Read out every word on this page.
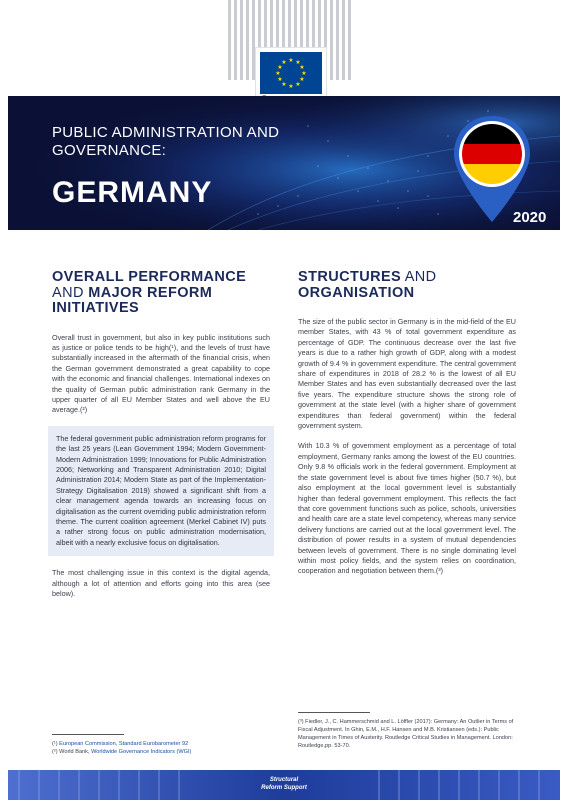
★ ★
★
★
★
★
★
★
★
★
★
★
PUBLIC ADMINISTRATION AND GOVERNANCE:
GERMANY
2020
OVERALL PERFORMANCE
AND MAJOR REFORM INITIATIVES

Overall trust in government, but also in key public institutions such as justice or police tends to be high(¹), and the levels of trust have substantially increased in the aftermath of the financial crisis, when the German government demonstrated a great capability to cope with the economic and financial challenges. International indexes on the quality of German public administration rank Germany in the upper quarter of all EU Member States and well above the EU average.(²)

The federal government public administration reform programs for the last 25 years (Lean Government 1994; Modern Government-Modern Administration 1999; Innovations for Public Administration 2006; Networking and Transparent Administration 2010; Digital Administration 2014; Modern State as part of the Implementation-Strategy Digitalisation 2019) showed a significant shift from a clear management agenda towards an increasing focus on digitalisation as the current overriding public administration reform theme. The current coalition agreement (Merkel Cabinet IV) puts a rather strong focus on public administration modernisation, albeit with a nearly exclusive focus on digitalisation.

The most challenging issue in this context is the digital agenda, although a lot of attention and efforts going into this area (see below).

STRUCTURES AND
ORGANISATION

The size of the public sector in Germany is in the mid-field of the EU member States, with 43 % of total government expenditure as percentage of GDP. The continuous decrease over the last five years is due to a rather high growth of GDP, along with a modest growth of 9.4 % in government expenditure. The central government share of expenditures in 2018 of 28.2 % is the lowest of all EU Member States and has even substantially decreased over the last five years. The expenditure structure shows the strong role of government at the state level (with a higher share of government expenditures than federal government) within the federal government system.

With 10.3 % of government employment as a percentage of total employment, Germany ranks among the lowest of the EU countries. Only 9.8 % officials work in the federal government. Employment at the state government level is about five times higher (50.7 %), but also employment at the local government level is substantially higher than federal government employment. This reflects the fact that core government functions such as police, schools, universities and health care are a state level competency, whereas many service delivery functions are carried out at the local government level. The distribution of power results in a system of mutual dependencies between levels of government. There is no single dominating level within most policy fields, and the system relies on coordination, cooperation and negotiation between them.(³)

(¹) European Commission, Standard Eurobarometer 92
(²) World Bank, Worldwide Governance Indicators (WGI)
(³) Fiedler, J., C. Hammerschmid and L. Löffler (2017): Germany: An Outlier in Terms of Fiscal Adjustment. In Ghin, E.M., H.F. Hansen and M.B. Kristiansen (eds.): Public Management in Times of Austerity. Routledge Critical Studies in Management. London: Routledge,pp. 53-70.
Structural
Reform Support
